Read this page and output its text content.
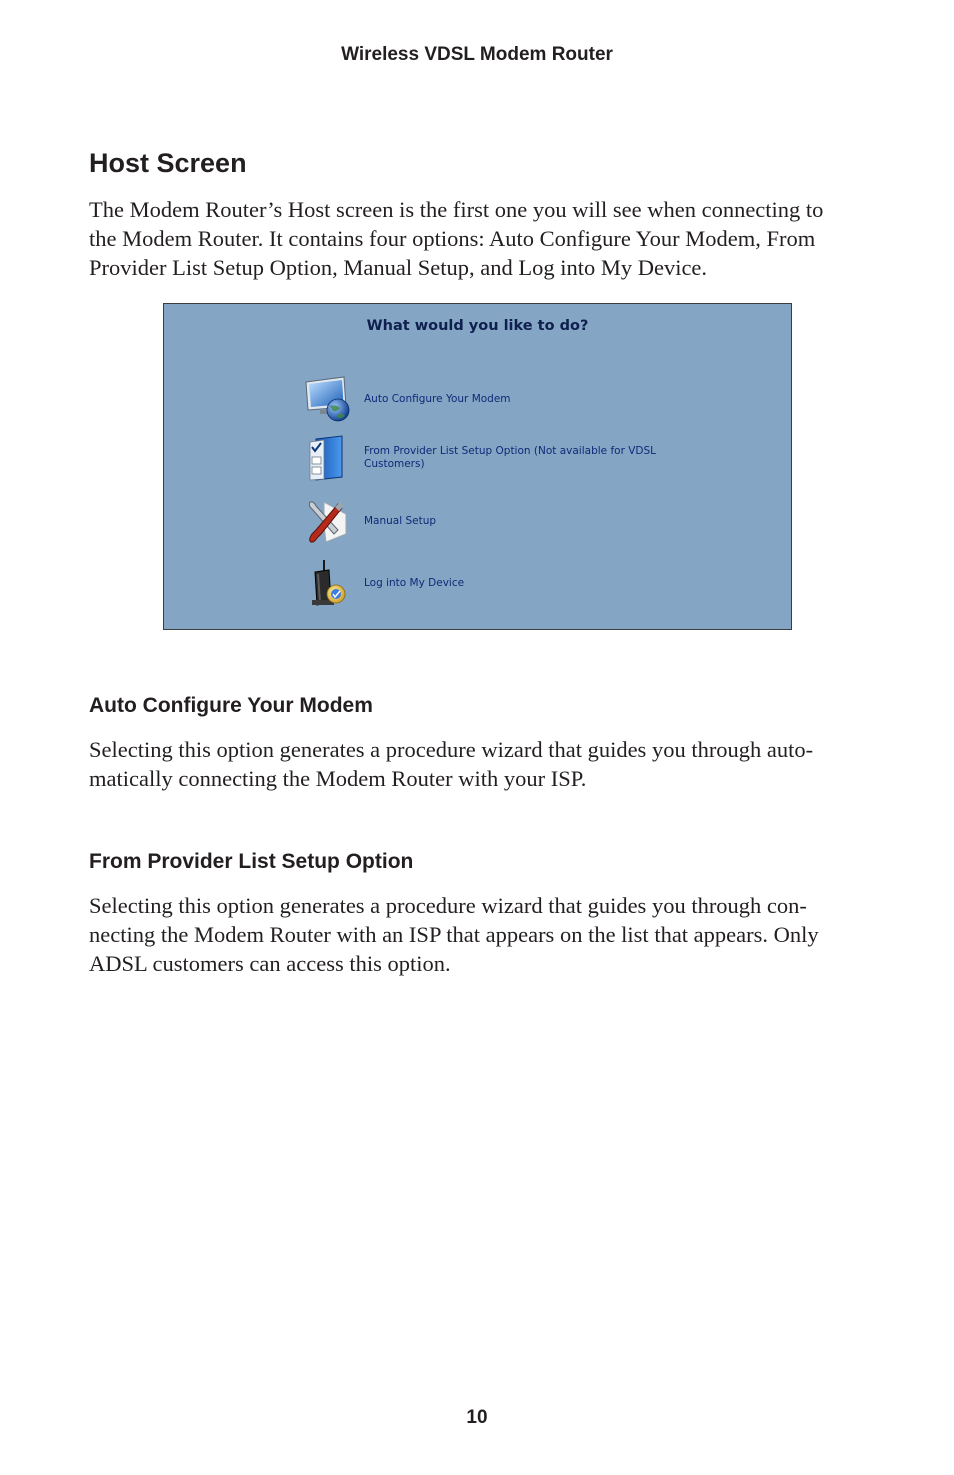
Wireless VDSL Modem Router
Host Screen

The Modem Router’s Host screen is the first one you will see when connecting to
the Modem Router. It contains four options: Auto Configure Your Modem, From
Provider List Setup Option, Manual Setup, and Log into My Device.

What would you like to do?
Auto Configure Your Modem
From Provider List Setup Option (Not available for VDSL Customers)
Manual Setup
Log into My Device
Auto Configure Your Modem

Selecting this option generates a procedure wizard that guides you through auto-
matically connecting the Modem Router with your ISP.

From Provider List Setup Option

Selecting this option generates a procedure wizard that guides you through con-
necting the Modem Router with an ISP that appears on the list that appears. Only
ADSL customers can access this option.

10
